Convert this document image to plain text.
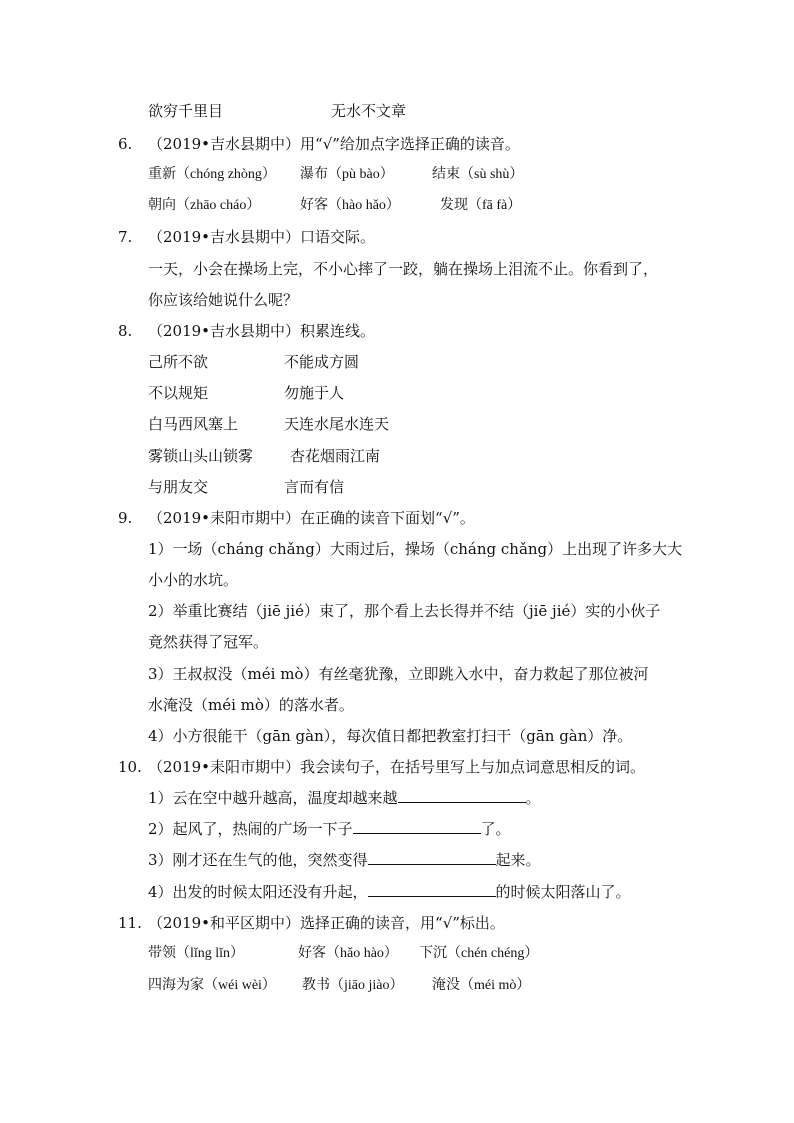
欲穷千里目	无水不文章
6. （2019•吉水县期中）用“√”给加点字选择正确的读音。
重新（chóng zhòng） 瀑布（pù bào）	结束（sù shù）
朝向（zhāo cháo）	好客（hào hǎo）	发现（fā fà）
7. （2019•吉水县期中）口语交际。
一天，小会在操场上完，不小心摔了一跤，躺在操场上泪流不止。你看到了，
你应该给她说什么呢？
8. （2019•吉水县期中）积累连线。
己所不欲	不能成方圆
不以规矩	勿施于人
白马西风塞上	天连水尾水连天
雾锁山头山锁雾 杏花烟雨江南
与朋友交	言而有信
9. （2019•耒阳市期中）在正确的读音下面划“√”。
1）一场（cháng chǎng）大雨过后，操场（cháng chǎng）上出现了许多大大
小小的水坑。
2）举重比赛结（jiē jié）束了，那个看上去长得并不结（jiē jié）实的小伙子
竟然获得了冠军。
3）王叔叔没（méi mò）有丝毫犹豫，立即跳入水中，奋力救起了那位被河
水淹没（méi mò）的落水者。
4）小方很能干（gān gàn），每次值日都把教室打扫干（gān gàn）净。
10. （2019•耒阳市期中）我会读句子，在括号里写上与加点词意思相反的词。
1）云在空中越升越高，温度却越来越	。
2）起风了，热闹的广场一下子	了。
3）刚才还在生气的他，突然变得	起来。
4）出发的时候太阳还没有升起，	的时候太阳落山了。
11. （2019•和平区期中）选择正确的读音，用“√”标出。
带领（lǐng lǐn）	好客（hǎo hào） 下沉（chén chéng）
四海为家（wéi wèi） 教书（jiāo jiào） 淹没（méi mò）
